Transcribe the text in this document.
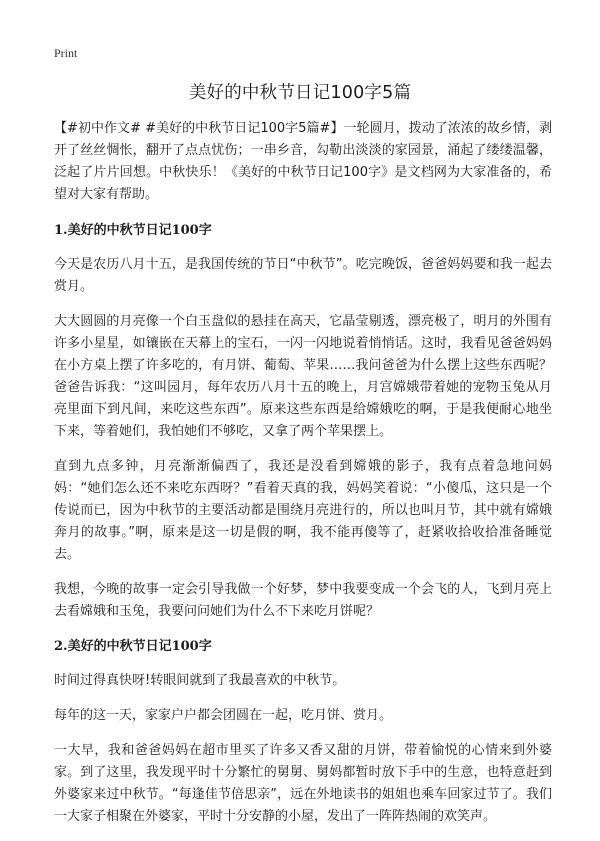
Print
美好的中秋节日记100字5篇

【#初中作文# #美好的中秋节日记100字5篇#】一轮圆月，拨动了浓浓的故乡情，剥开了丝丝惆怅，翻开了点点忧伤；一串乡音，勾勒出淡淡的家园景，涌起了缕缕温馨，泛起了片片回想。中秋快乐！《美好的中秋节日记100字》是文档网为大家准备的，希望对大家有帮助。

1.美好的中秋节日记100字

今天是农历八月十五，是我国传统的节日“中秋节”。吃完晚饭，爸爸妈妈要和我一起去赏月。

大大圆圆的月亮像一个白玉盘似的悬挂在高天，它晶莹剔透，漂亮极了，明月的外围有许多小星星，如镶嵌在天幕上的宝石，一闪一闪地说着悄悄话。这时，我看见爸爸妈妈在小方桌上摆了许多吃的，有月饼、葡萄、苹果……我问爸爸为什么摆上这些东西呢？爸爸告诉我：“这叫园月，每年农历八月十五的晚上，月宫嫦娥带着她的宠物玉兔从月亮里面下到凡间，来吃这些东西”。原来这些东西是给嫦娥吃的啊，于是我便耐心地坐下来，等着她们，我怕她们不够吃，又拿了两个苹果摆上。

直到九点多钟，月亮渐渐偏西了，我还是没看到嫦娥的影子，我有点着急地问妈妈：“她们怎么还不来吃东西呀？”看着天真的我，妈妈笑着说：“小傻瓜，这只是一个传说而已，因为中秋节的主要活动都是围绕月亮进行的，所以也叫月节，其中就有嫦娥奔月的故事。”啊，原来是这一切是假的啊，我不能再傻等了，赶紧收拾收拾准备睡觉去。

我想，今晚的故事一定会引导我做一个好梦，梦中我要变成一个会飞的人，飞到月亮上去看嫦娥和玉兔，我要问问她们为什么不下来吃月饼呢？

2.美好的中秋节日记100字

时间过得真快呀!转眼间就到了我最喜欢的中秋节。

每年的这一天，家家户户都会团圆在一起，吃月饼、赏月。

一大早，我和爸爸妈妈在超市里买了许多又香又甜的月饼，带着愉悦的心情来到外婆家。到了这里，我发现平时十分繁忙的舅舅、舅妈都暂时放下手中的生意，也特意赶到外婆家来过中秋节。“每逢佳节倍思亲”，远在外地读书的姐姐也乘车回家过节了。我们一大家子相聚在外婆家，平时十分安静的小屋，发出了一阵阵热闹的欢笑声。
